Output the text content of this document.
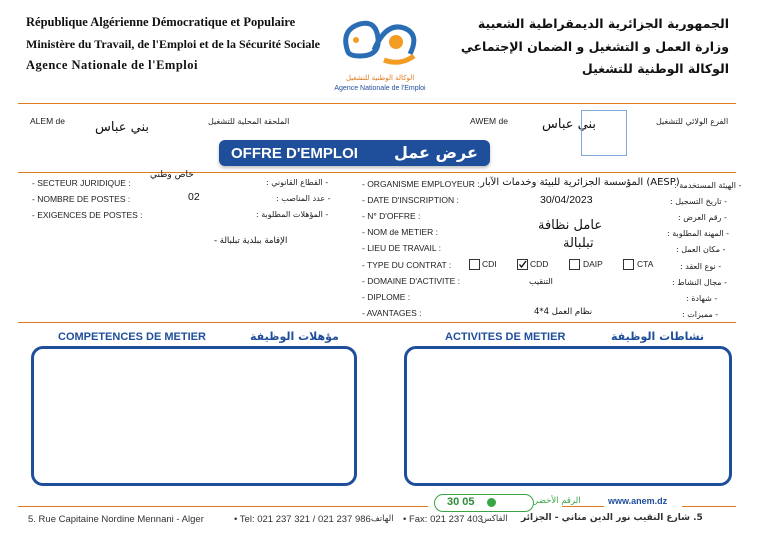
République Algérienne Démocratique et Populaire
Ministère du Travail, de l'Emploi et de la Sécurité Sociale
Agence Nationale de l'Emploi
الجمهورية الجزائرية الديمقراطية الشعبية
وزارة العمل و التشغيل و الضمان الإجتماعي
الوكالة الوطنية للتشغيل
الوكالة الوطنية للتشغيل
Agence Nationale de l'Emploi
ALEM de بني عباس	الملحقة المحلية للتشغيل	AWEM de	بني عباس	الفرع الولائي للتشغيل
OFFRE D'EMPLOI عرض عمل
- SECTEUR JURIDIQUE :	- القطاع القانوني :
خاص وطني
- NOMBRE DE POSTES :	- عدد المناصب :
02
- EXIGENCES DE POSTES :	- المؤهلات المطلوبة :
- الإقامة ببلدية تبلبالة
- ORGANISME EMPLOYEUR : المؤسسة الجزائرية للبيئة وخدمات الآبار (AESP)
- الهيئة المستخدمة :
- DATE D'INSCRIPTION :	30/04/2023	- تاريخ التسجيل :
- N° D'OFFRE :	- رقم العرض :
- NOM de METIER :	عامل نظافة
- المهنة المطلوبة :
- LIEU DE TRAVAIL :	تبلبالة	- مكان العمل :
- TYPE DU CONTRAT :	- نوع العقد :
CDI	CDD	DAIP	CTA
- DOMAINE D'ACTIVITE :	التنقيب	- مجال النشاط :
- DIPLOME :	- شهادة :
- AVANTAGES :	نظام العمل 4*4	- مميزات :
COMPETENCES DE METIER	مؤهلات الوظيفة	ACTIVITES DE METIER	نشاطات الوظيفة
30 05	الرقم الأخضر	www.anem.dz
5. Rue Capitaine Nordine Mennani - Alger	• Tel: 021 237 321 / 021 237 986 الهاتف • Fax: 021 237 403
الفاكس 5. شارع النقيب نور الدين مناني - الجزائر
